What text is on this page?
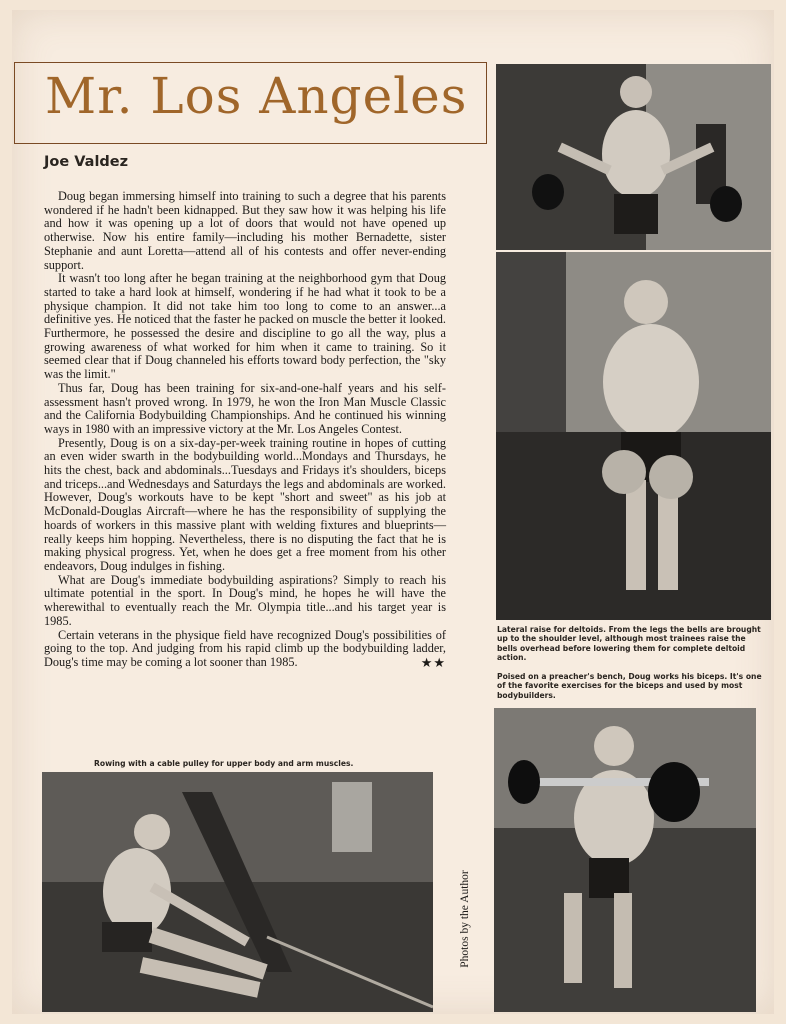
Mr. Los Angeles
Joe Valdez

Doug began immersing himself into training to such a degree that his parents wondered if he hadn't been kidnapped. But they saw how it was helping his life and how it was opening up a lot of doors that would not have opened up otherwise. Now his entire family—including his mother Bernadette, sister Stephanie and aunt Loretta—attend all of his contests and offer never-ending support.

It wasn't too long after he began training at the neighborhood gym that Doug started to take a hard look at himself, wondering if he had what it took to be a physique champion. It did not take him too long to come to an answer...a definitive yes. He noticed that the faster he packed on muscle the better it looked. Furthermore, he possessed the desire and discipline to go all the way, plus a growing awareness of what worked for him when it came to training. So it seemed clear that if Doug channeled his efforts toward body perfection, the "sky was the limit."

Thus far, Doug has been training for six-and-one-half years and his self-assessment hasn't proved wrong. In 1979, he won the Iron Man Muscle Classic and the California Bodybuilding Championships. And he continued his winning ways in 1980 with an impressive victory at the Mr. Los Angeles Contest.

Presently, Doug is on a six-day-per-week training routine in hopes of cutting an even wider swarth in the bodybuilding world...Mondays and Thursdays, he hits the chest, back and abdominals...Tuesdays and Fridays it's shoulders, biceps and triceps...and Wednesdays and Saturdays the legs and abdominals are worked. However, Doug's workouts have to be kept "short and sweet" as his job at McDonald-Douglas Aircraft—where he has the responsibility of supplying the hoards of workers in this massive plant with welding fixtures and blueprints—really keeps him hopping. Nevertheless, there is no disputing the fact that he is making physical progress. Yet, when he does get a free moment from his other endeavors, Doug indulges in fishing.

What are Doug's immediate bodybuilding aspirations? Simply to reach his ultimate potential in the sport. In Doug's mind, he hopes he will have the wherewithal to eventually reach the Mr. Olympia title...and his target year is 1985.

Certain veterans in the physique field have recognized Doug's possibilities of going to the top. And judging from his rapid climb up the bodybuilding ladder, Doug's time may be coming a lot sooner than 1985.	★★

Lateral raise for deltoids. From the legs the bells are brought up to the shoulder level, although most trainees raise the bells overhead before lowering them for complete deltoid action.
Poised on a preacher's bench, Doug works his biceps. It's one of the favorite exercises for the biceps and used by most bodybuilders.
Rowing with a cable pulley for upper body and arm muscles.
Photos by the Author
